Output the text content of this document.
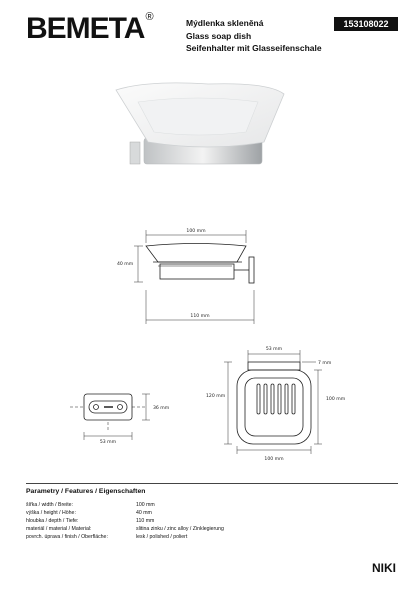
BEMETA®	Mýdlenka skleněná
Glass soap dish
Seifenhalter mit Glasseifenschale
153108022
100 mm
110 mm
40 mm
36 mm
53 mm
53 mm
7 mm
120 mm
100 mm
100 mm
Parametry / Features / Eigenschaften
šířka / width / Breite:	100 mm
výška / height / Höhe:	40 mm
hloubka / depth / Tiefe:	110 mm
materiál / material / Material:	slitina zinku / zinc alloy / Zinklegierung
povrch. úprava / finish / Oberfläche:	lesk / polished / poliert
NIKI
